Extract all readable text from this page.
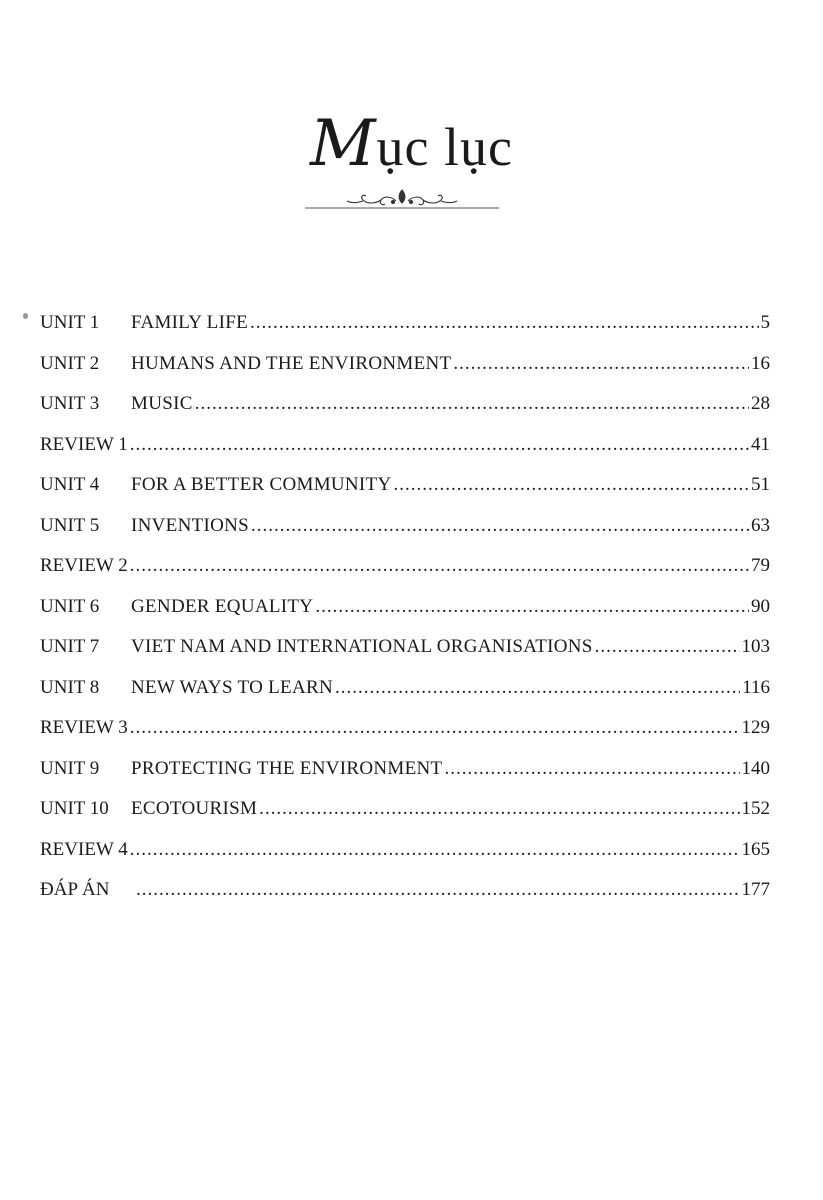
Mục lục
UNIT 1	FAMILY LIFE .....	5
UNIT 2	HUMANS AND THE ENVIRONMENT .....	16
UNIT 3	MUSIC .....	28
REVIEW 1 .....	41
UNIT 4	FOR A BETTER COMMUNITY .....	51
UNIT 5	INVENTIONS .....	63
REVIEW 2 .....	79
UNIT 6	GENDER EQUALITY .....	90
UNIT 7	VIET NAM AND INTERNATIONAL ORGANISATIONS .....	103
UNIT 8	NEW WAYS TO LEARN .....	116
REVIEW 3 .....	129
UNIT 9	PROTECTING THE ENVIRONMENT .....	140
UNIT 10	ECOTOURISM .....	152
REVIEW 4 .....	165
ĐÁP ÁN .....	177
